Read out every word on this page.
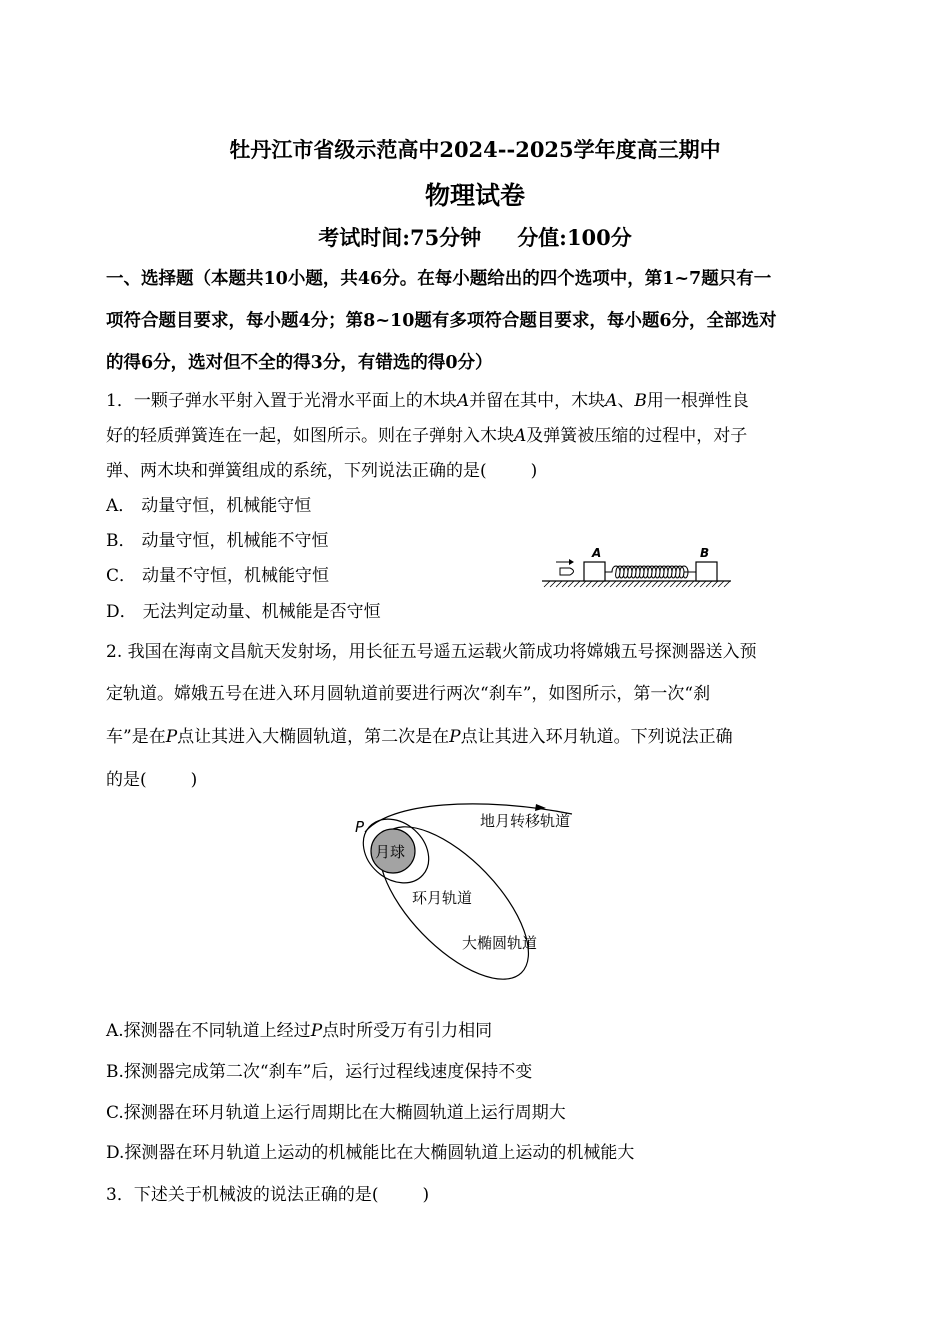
牡丹江市省级示范高中2024--2025学年度高三期中
物理试卷
考试时间:75分钟 分值:100分
一、选择题（本题共10小题，共46分。在每小题给出的四个选项中，第1~7题只有一
项符合题目要求，每小题4分；第8~10题有多项符合题目要求，每小题6分，全部选对
的得6分，选对但不全的得3分，有错选的得0分）
1．一颗子弹水平射入置于光滑水平面上的木块A并留在其中，木块A、B用一根弹性良
好的轻质弹簧连在一起，如图所示。则在子弹射入木块A及弹簧被压缩的过程中，对子
弹、两木块和弹簧组成的系统，下列说法正确的是(	)
A． 动量守恒，机械能守恒
B． 动量守恒，机械能不守恒
C． 动量不守恒，机械能守恒
D． 无法判定动量、机械能是否守恒
A	B
2. 我国在海南文昌航天发射场，用长征五号遥五运载火箭成功将嫦娥五号探测器送入预
定轨道。嫦娥五号在进入环月圆轨道前要进行两次“刹车”，如图所示，第一次“刹
车”是在P点让其进入大椭圆轨道，第二次是在P点让其进入环月轨道。下列说法正确
的是(	)
月球
P	地月转移轨道
环月轨道
大椭圆轨道
A.探测器在不同轨道上经过P点时所受万有引力相同
B.探测器完成第二次“刹车”后，运行过程线速度保持不变
C.探测器在环月轨道上运行周期比在大椭圆轨道上运行周期大
D.探测器在环月轨道上运动的机械能比在大椭圆轨道上运动的机械能大
3．下述关于机械波的说法正确的是(	)
